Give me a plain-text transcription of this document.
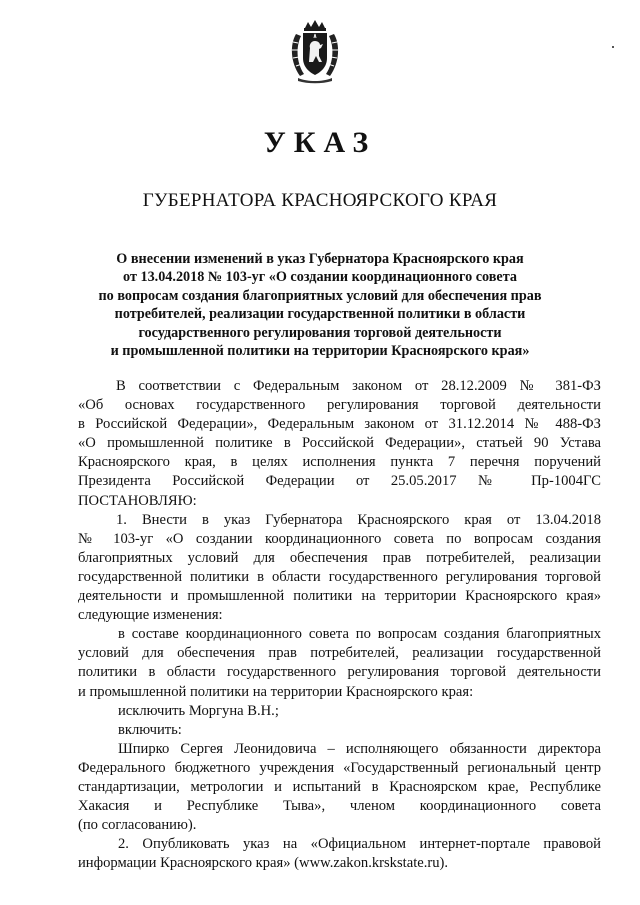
УКАЗ
ГУБЕРНАТОРА КРАСНОЯРСКОГО КРАЯ
О внесении изменений в указ Губернатора Красноярского края
от 13.04.2018 № 103-уг «О создании координационного совета
по вопросам создания благоприятных условий для обеспечения прав
потребителей, реализации государственной политики в области
государственного регулирования торговой деятельности
и промышленной политики на территории Красноярского края»
В соответствии с Федеральным законом от 28.12.2009 № 381-ФЗ
«Об основах государственного регулирования торговой деятельности
в Российской Федерации», Федеральным законом от 31.12.2014 № 488-ФЗ
«О промышленной политике в Российской Федерации», статьей 90 Устава
Красноярского края, в целях исполнения пункта 7 перечня поручений
Президента Российской Федерации от 25.05.2017 № Пр-1004ГС
ПОСТАНОВЛЯЮ:
1. Внести в указ Губернатора Красноярского края от 13.04.2018
№ 103-уг «О создании координационного совета по вопросам создания
благоприятных условий для обеспечения прав потребителей, реализации
государственной политики в области государственного регулирования торговой
деятельности и промышленной политики на территории Красноярского края»
следующие изменения:
в составе координационного совета по вопросам создания благоприятных
условий для обеспечения прав потребителей, реализации государственной
политики в области государственного регулирования торговой деятельности
и промышленной политики на территории Красноярского края:
исключить Моргуна В.Н.;
включить:
Шпирко Сергея Леонидовича – исполняющего обязанности директора
Федерального бюджетного учреждения «Государственный региональный центр
стандартизации, метрологии и испытаний в Красноярском крае, Республике
Хакасия и Республике Тыва», членом координационного совета
(по согласованию).
2. Опубликовать указ на «Официальном интернет-портале правовой
информации Красноярского края» (www.zakon.krskstate.ru).
